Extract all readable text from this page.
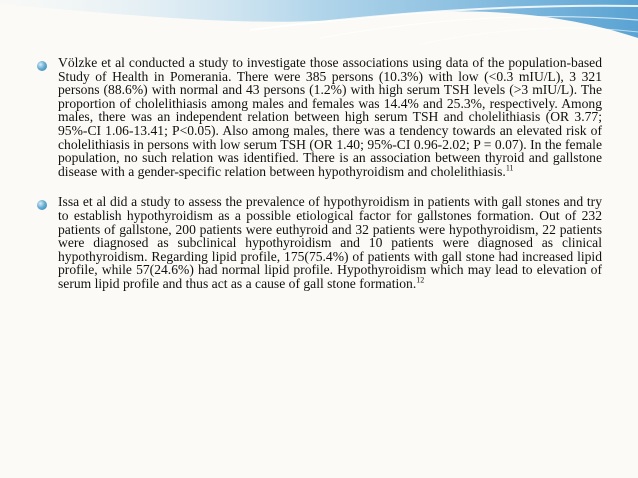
Völzke et al conducted a study to investigate those associations using data of the population-based Study of Health in Pomerania. There were 385 persons (10.3%) with low (<0.3 mIU/L), 3 321 persons (88.6%) with normal and 43 persons (1.2%) with high serum TSH levels (>3 mIU/L). The proportion of cholelithiasis among males and females was 14.4% and 25.3%, respectively. Among males, there was an independent relation between high serum TSH and cholelithiasis (OR 3.77; 95%-CI 1.06-13.41; P<0.05). Also among males, there was a tendency towards an elevated risk of cholelithiasis in persons with low serum TSH (OR 1.40; 95%-CI 0.96-2.02; P = 0.07). In the female population, no such relation was identified. There is an association between thyroid and gallstone disease with a gender-specific relation between hypothyroidism and cholelithiasis.$^{11}$
Issa et al did a study to assess the prevalence of hypothyroidism in patients with gall stones and try to establish hypothyroidism as a possible etiological factor for gallstones formation. Out of 232 patients of gallstone, 200 patients were euthyroid and 32 patients were hypothyroidism, 22 patients were diagnosed as subclinical hypothyroidism and 10 patients were diagnosed as clinical hypothyroidism. Regarding lipid profile, 175(75.4%) of patients with gall stone had increased lipid profile, while 57(24.6%) had normal lipid profile. Hypothyroidism which may lead to elevation of serum lipid profile and thus act as a cause of gall stone formation.$^{12}$
